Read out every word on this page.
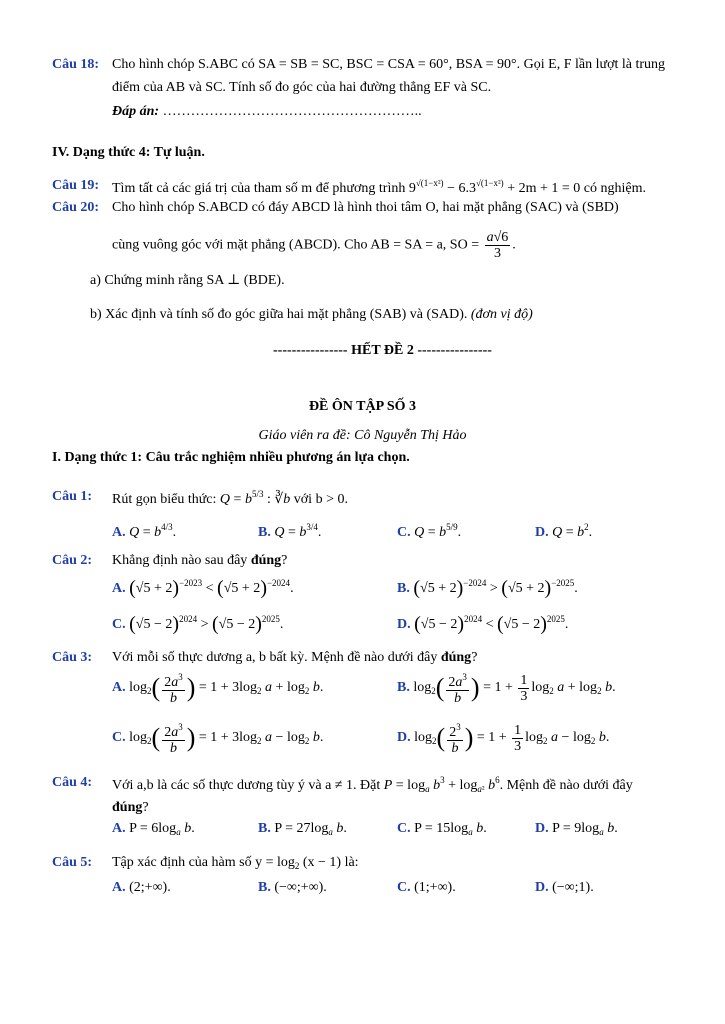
Câu 18: Cho hình chóp S.ABC có SA = SB = SC, BSC = CSA = 60°, BSA = 90°. Gọi E, F lần lượt là trung
điểm của AB và SC. Tính số đo góc của hai đường thẳng EF và SC.
Đáp án: ………………………………………………..
IV. Dạng thức 4: Tự luận.
Câu 19: Tìm tất cả các giá trị của tham số m để phương trình $9^{√(1-x^2)} - 6.3^{√(1-x^2)} + 2m + 1 = 0$ có nghiệm.
Câu 20: Cho hình chóp S.ABCD có đáy ABCD là hình thoi tâm O, hai mặt phẳng (SAC) và (SBD)
cùng vuông góc với mặt phẳng (ABCD). Cho AB = SA = a, SO = $\frac{a√6}{3}$ .
a) Chứng minh rằng SA ⊥ (BDE).
b) Xác định và tính số đo góc giữa hai mặt phẳng (SAB) và (SAD). (đơn vị độ)
---------------- HẾT ĐỀ 2 ----------------
ĐỀ ÔN TẬP SỐ 3
Giáo viên ra đề: Cô Nguyễn Thị Hảo
I. Dạng thức 1: Câu trắc nghiệm nhiều phương án lựa chọn.
Câu 1: Rút gọn biểu thức: $Q = b^{5/3}$ : ∛b với b > 0.
A. $Q = b^{4/3}$.	B. $Q = b^{3/4}$.	C. $Q = b^{5/9}$.	D. $Q = b^2$.
Câu 2: Khẳng định nào sau đây đúng?
A. $(√5 + 2)^{-2023} < (√5 + 2)^{-2024}$.	B. $(√5 + 2)^{-2024} > (√5 + 2)^{-2025}$.
C. $(√5 - 2)^{2024} > (√5 - 2)^{2025}$.	D. $(√5 - 2)^{2024} < (√5 - 2)^{2025}$.
Câu 3: Với mỗi số thực dương a, b bất kỳ. Mệnh đề nào dưới đây đúng?
A. $\log_2( \frac{2a^3}{b}$ ) = $1 + 3\log_2$ $a + \log_2 b$.	B. $\log_2( \frac{2a^3}{b}$ ) = $1 + \frac{1}{3} \log_2 a + \log_2 b$.
C. $\log_2( \frac{2a^3}{b}$ ) = $1 + 3\log_2$ $a - \log_2 b$.	D. $\log_2( \frac{2^3}{b}$ ) = $1 + \frac{1}{3} \log_2 a - \log_2 b$.
Câu 4: Với a,b là các số thực dương tùy ý và a ≠ 1. Đặt $P = \log_a b^3 + \log_{a^2} b^6$. Mệnh đề nào dưới đây
đúng?
A. $P = 6\log_a$ b.	B. $P = 27\log_a$ b.	C. $P = 15\log_a$ b.	D. $P = 9\log_a$ b.
Câu 5: Tập xác định của hàm số $y = \log_2 (x - 1)$ là:
A. (2;+∞).	B. (−∞;+∞).	C. (1;+∞).	D. (−∞;1).
